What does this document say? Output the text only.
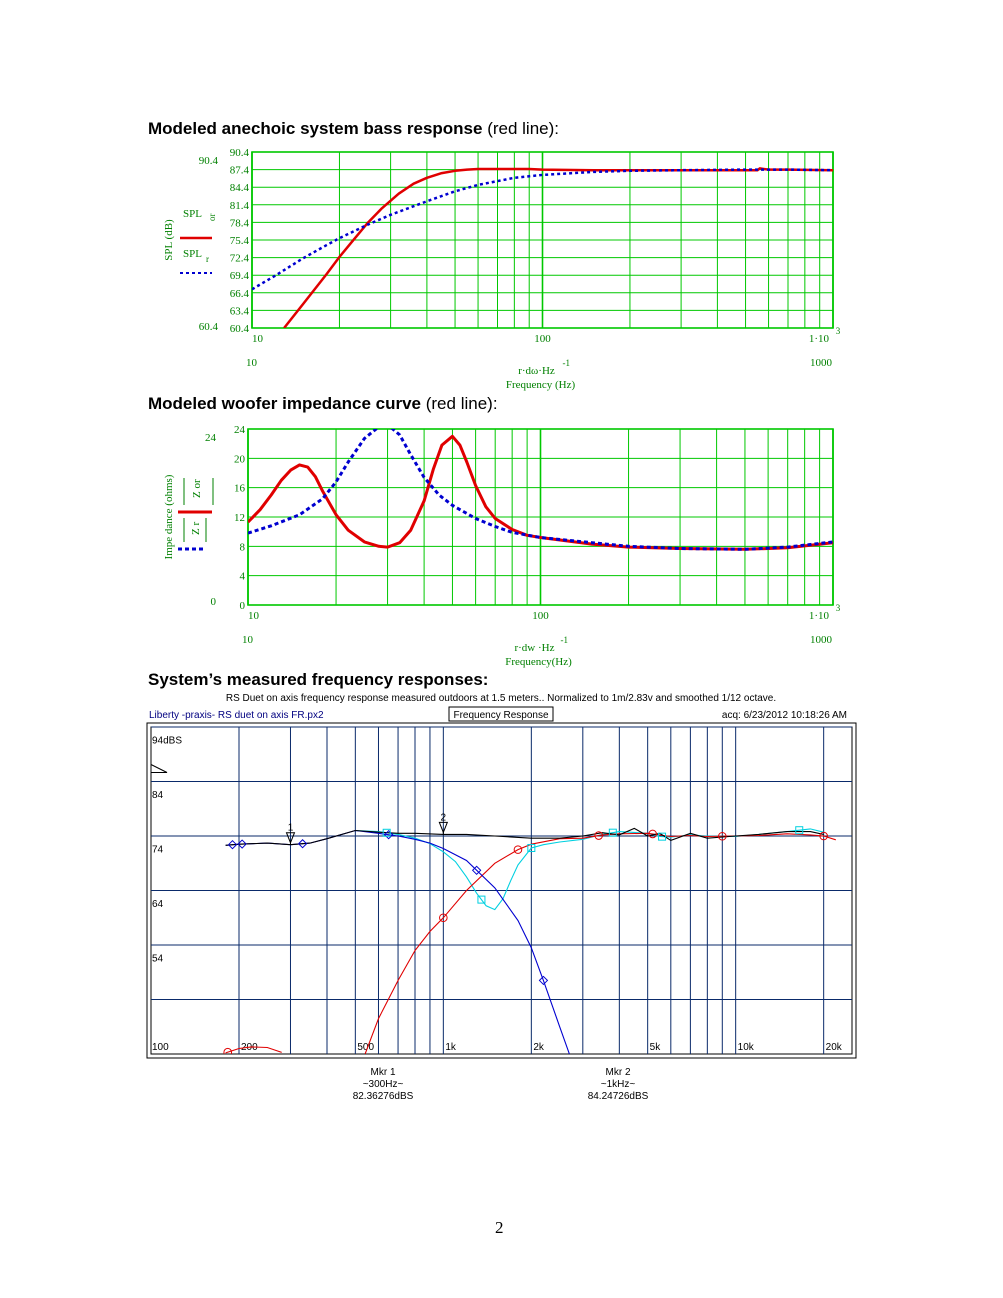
Modeled anechoic system bass response (red line):
Modeled woofer impedance curve (red line):
System’s measured frequency responses:
90.4
87.4
84.4
81.4
78.4
75.4
72.4
69.4
66.4
63.4
60.4
90.4
60.4
10	100	1·10
3
10	1000
r·dω·Hz
-1
Frequency (Hz)
SPL (dB)
SPL or
SPL r
24
20
16
12
8
4
0
24
0
10	100	1·10
3
10	1000
r·dw ·Hz
-1
Frequency(Hz)
Impe dance (ohms) Z or
Z r
RS Duet on axis frequency response measured outdoors at 1.5 meters.. Normalized to 1m/2.83v and smoothed 1/12 octave.
Liberty -praxis- RS duet on axis FR.px2	Frequency Response	acq: 6/23/2012 10:18:26 AM
94dBS
84
74
64
54
100	200	500	1k	2k	5k	10k	20k
1
2
Mkr 1
~300Hz~
82.36276dBS
Mkr 2
~1kHz~
84.24726dBS
2
